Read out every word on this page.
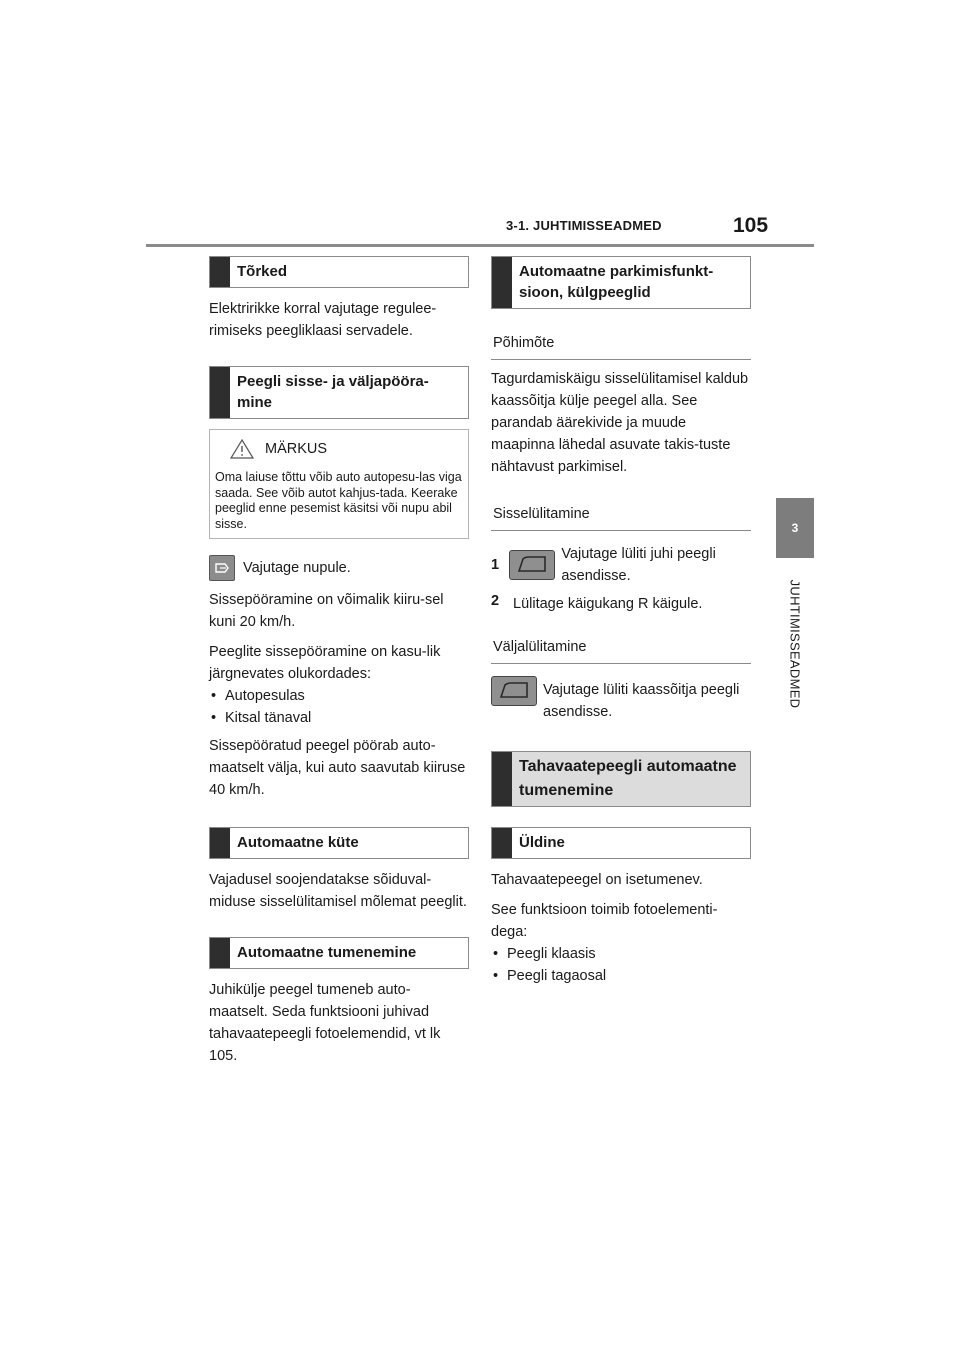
3-1. JUHTIMISSEADMED	105
3
JUHTIMISSEADMED
Tõrked

Elektririkke korral vajutage regulee-rimiseks peegliklaasi servadele.

Peegli sisse- ja väljapööra-mine
MÄRKUS
Oma laiuse tõttu võib auto autopesu-las viga saada. See võib autot kahjus-tada. Keerake peeglid enne pesemist käsitsi või nupu abil sisse.
Vajutage nupule.

Sissepööramine on võimalik kiiru-sel kuni 20 km/h.

Peeglite sissepööramine on kasu-lik järgnevates olukordades:

• Autopesulas
• Kitsal tänaval

Sissepööratud peegel pöörab auto-maatselt välja, kui auto saavutab kiiruse 40 km/h.

Automaatne küte

Vajadusel soojendatakse sõiduval-miduse sisselülitamisel mõlemat peeglit.

Automaatne tumenemine

Juhikülje peegel tumeneb auto-maatselt. Seda funktsiooni juhivad tahavaatepeegli fotoelemendid, vt lk 105.

Automaatne parkimisfunkt-sioon, külgpeeglid
Põhimõte

Tagurdamiskäigu sisselülitamisel kaldub kaassõitja külje peegel alla. See parandab äärekivide ja muude maapinna lähedal asuvate takis-tuste nähtavust parkimisel.

Sisselülitamine
1
Vajutage lüliti juhi peegli asendisse.
2 Lülitage käigukang R käigule.
Väljalülitamine
Vajutage lüliti kaassõitja peegli asendisse.
Tahavaatepeegli automaatne tumenemine
Üldine

Tahavaatepeegel on isetumenev.

See funktsioon toimib fotoelementi-dega:

• Peegli klaasis
• Peegli tagaosal
